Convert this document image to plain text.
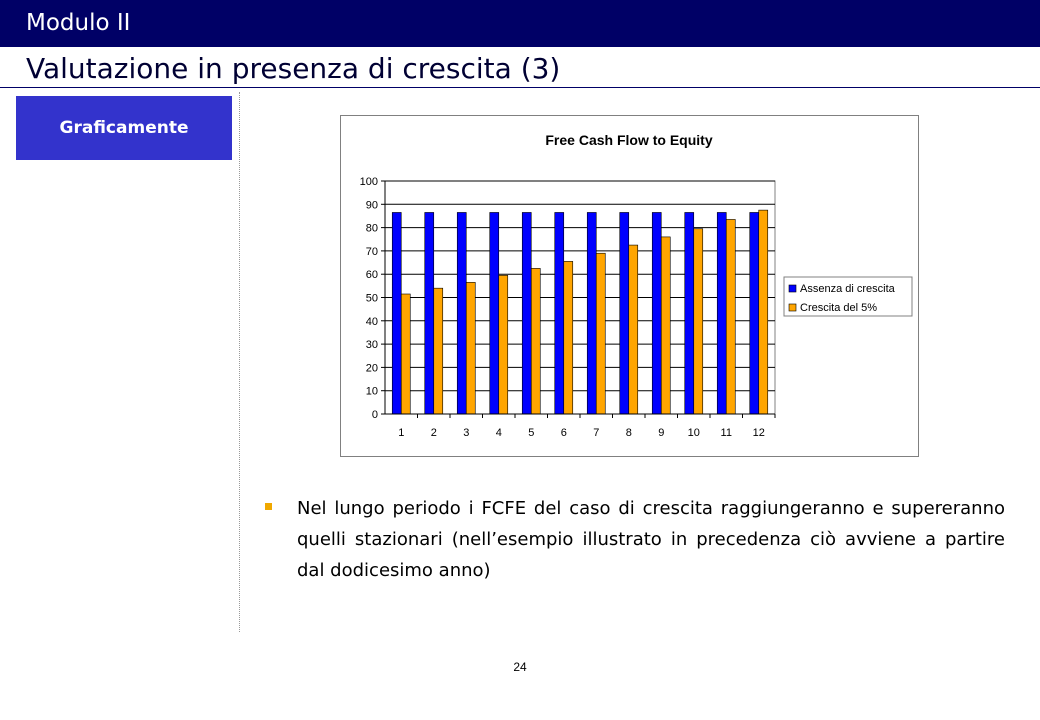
Modulo II
Valutazione in presenza di crescita (3)
Graficamente
Free Cash Flow to Equity
0
10
20
30
40
50
60
70
80
90
100
1 2 3 4 5 6 7 8 9 10 11 12
Assenza di crescita
Crescita del 5%
Nel lungo periodo i FCFE del caso di crescita raggiungeranno e supereranno quelli stazionari (nell’esempio illustrato in precedenza ciò avviene a partire dal dodicesimo anno)
24
